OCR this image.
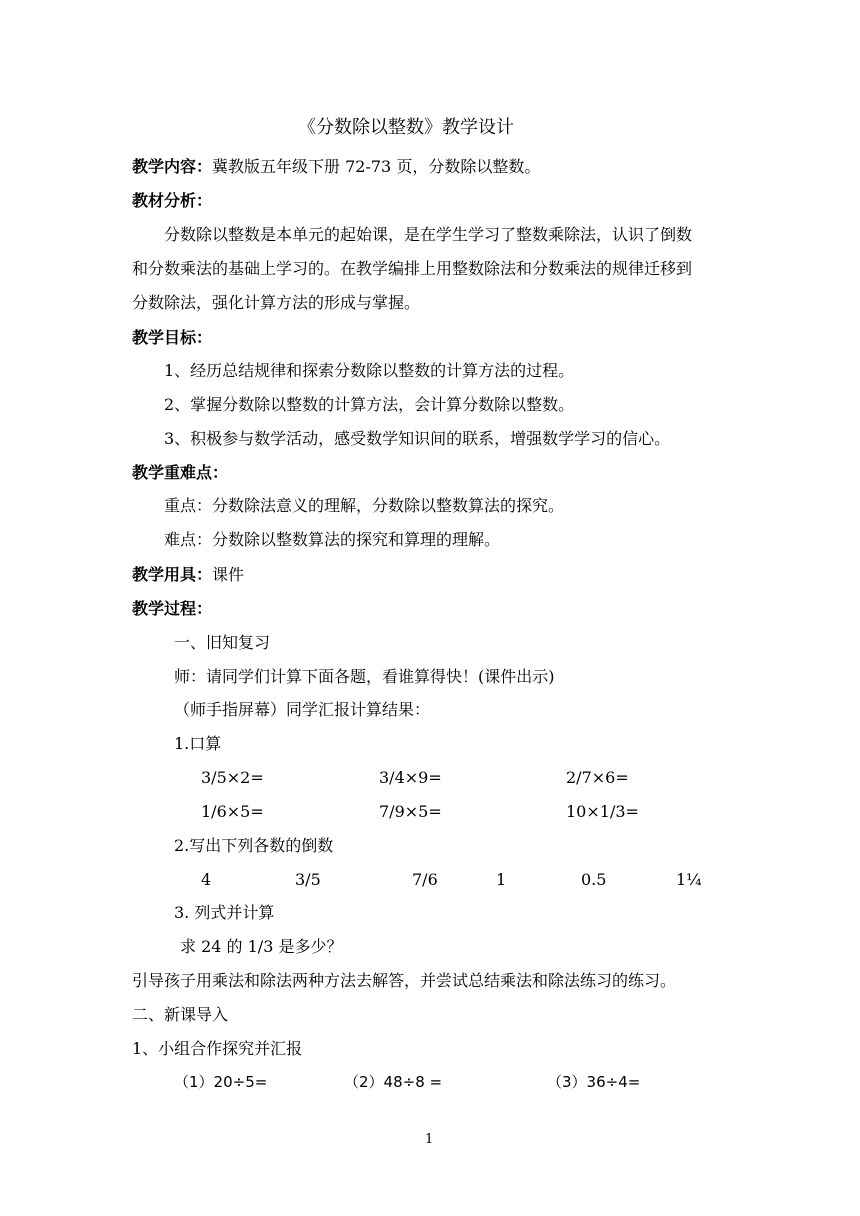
《分数除以整数》教学设计
教学内容：冀教版五年级下册 72-73 页，分数除以整数。
教材分析：
分数除以整数是本单元的起始课，是在学生学习了整数乘除法，认识了倒数
和分数乘法的基础上学习的。在教学编排上用整数除法和分数乘法的规律迁移到
分数除法，强化计算方法的形成与掌握。
教学目标：
1、经历总结规律和探索分数除以整数的计算方法的过程。
2、掌握分数除以整数的计算方法，会计算分数除以整数。
3、积极参与数学活动，感受数学知识间的联系，增强数学学习的信心。
教学重难点：
重点：分数除法意义的理解，分数除以整数算法的探究。
难点：分数除以整数算法的探究和算理的理解。
教学用具：课件
教学过程：
一、旧知复习
师：请同学们计算下面各题，看谁算得快！(课件出示)
（师手指屏幕）同学汇报计算结果：
1.口算
3/5×2=	3/4×9=	2/7×6=
1/6×5=	7/9×5=	10×1/3=
2.写出下列各数的倒数
4	3/5	7/6	1	0.5	1¼
3. 列式并计算
求 24 的 1/3 是多少？
引导孩子用乘法和除法两种方法去解答，并尝试总结乘法和除法练习的练习。
二、新课导入
1、小组合作探究并汇报
（1）20÷5=	（2）48÷8 =	（3）36÷4=
1
